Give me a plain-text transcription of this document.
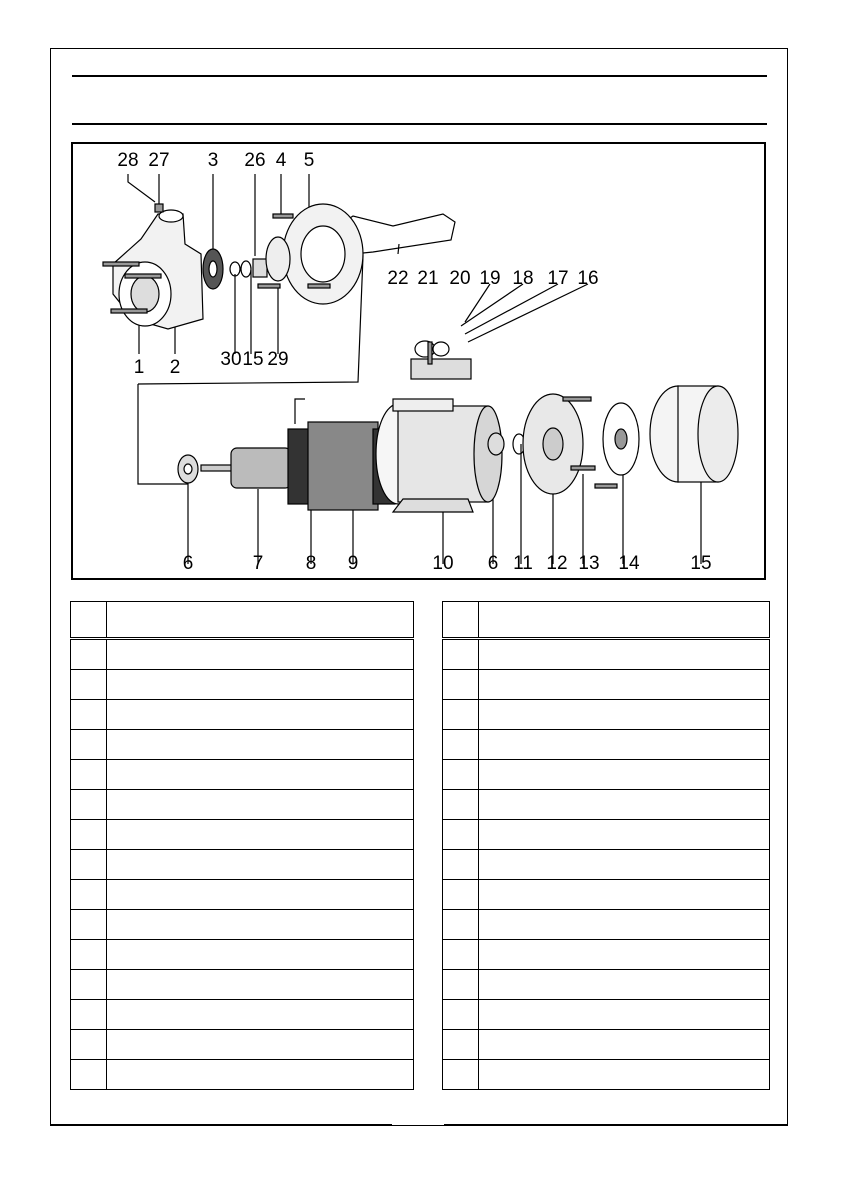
28 27 3 26 4 5
1 2 30 15 29
22 21 20 19 18 17 16
6	7 8 9	10 6 11 12 13 14	15
